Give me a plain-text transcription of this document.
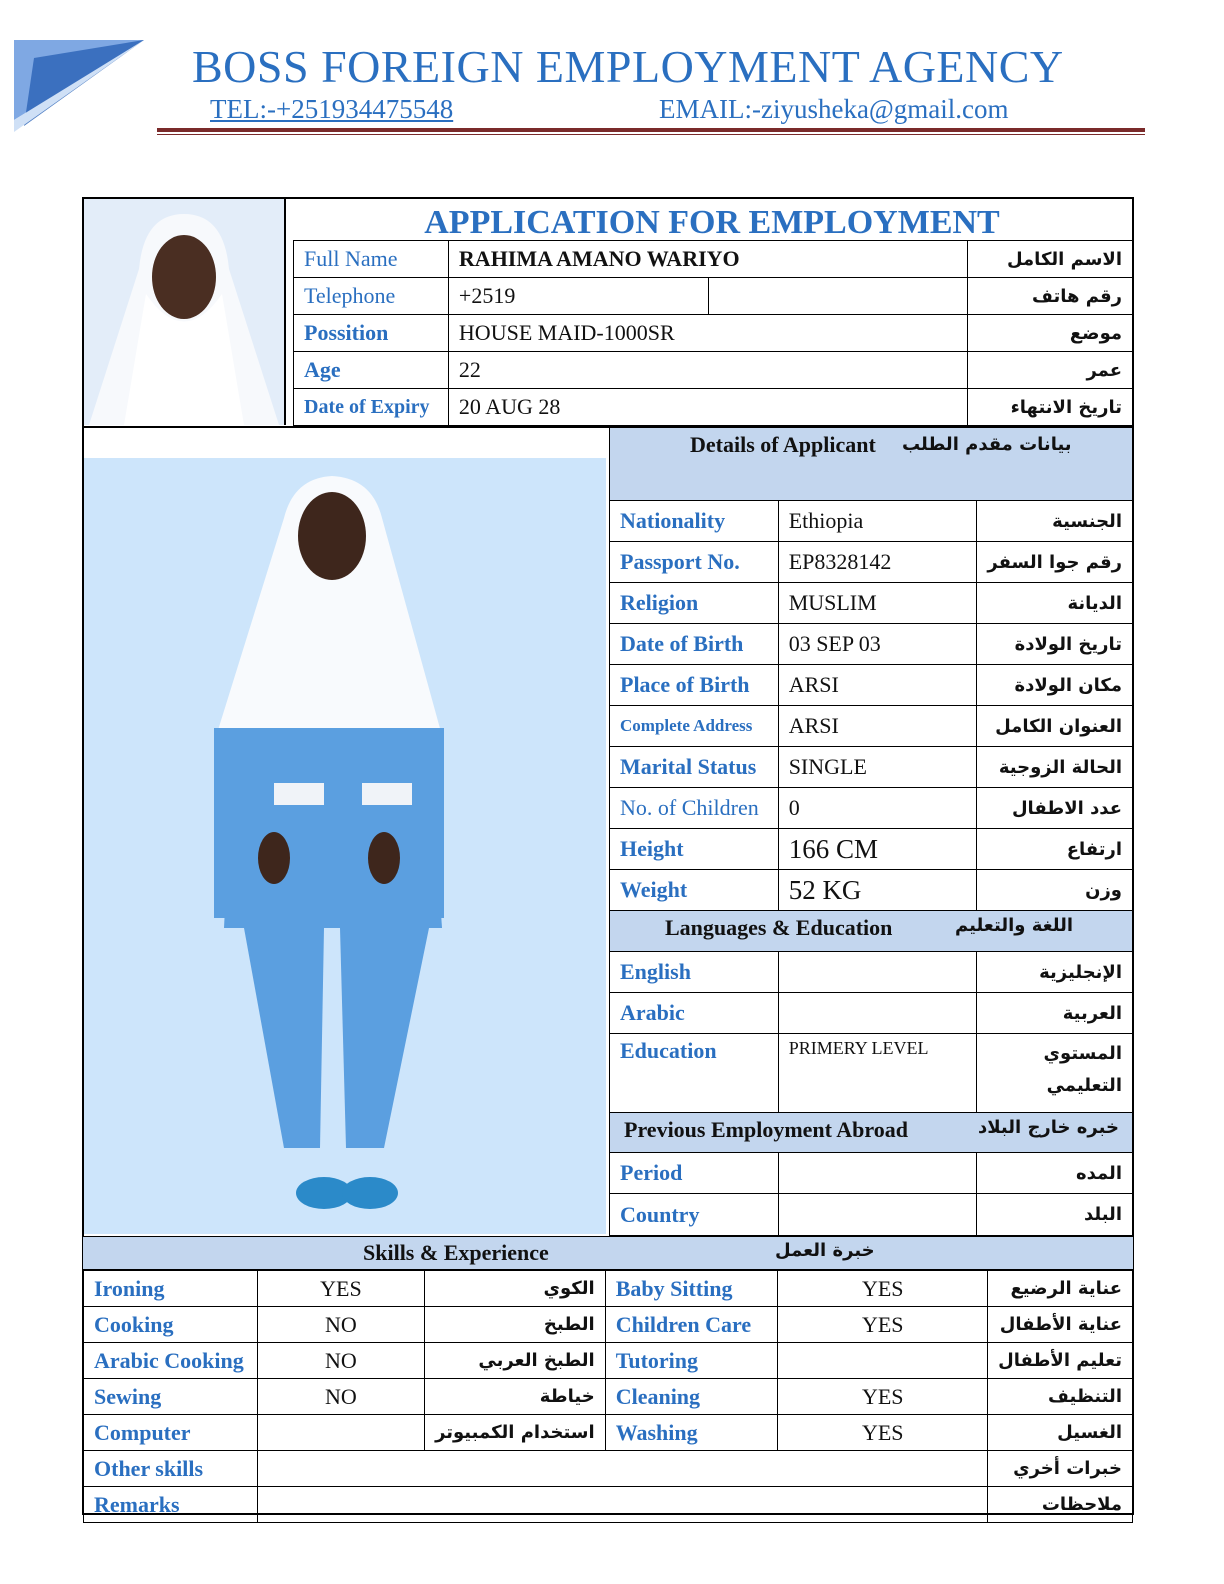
BOSS FOREIGN EMPLOYMENT AGENCY
TEL:-+251934475548	EMAIL:-ziyusheka@gmail.com
APPLICATION FOR EMPLOYMENT
Full Name	RAHIMA AMANO WARIYO		الاسم الكامل
Telephone	+2519		رقم هاتف
Possition	HOUSE MAID-1000SR		موضع
Age	22		عمر
Date of Expiry	20 AUG 28		تاريخ الانتهاء
Details of Applicant بيانات مقدم الطلب
Nationality	Ethiopia	الجنسية
Passport No.	EP8328142	رقم جوا السفر
Religion	MUSLIM	الديانة
Date of Birth	03 SEP 03	تاريخ الولادة
Place of Birth	ARSI	مكان الولادة
Complete Address	ARSI	العنوان الكامل
Marital Status	SINGLE	الحالة الزوجية
No. of Children	0	عدد الاطفال
Height	166 CM	ارتفاع
Weight	52 KG	وزن

Languages & Education اللغة والتعليم		

English		الإنجليزية
Arabic		العربية
Education	PRIMERY LEVEL	المستوي
التعليمي

Previous Employment Abroad خبره خارج البلاد		

Period		المده
Country		البلد
Skills & Experience	خبرة العمل
Ironing	YES	الكوي	Baby Sitting	YES	عناية الرضيع
Cooking	NO	الطبخ	Children Care	YES	عناية الأطفال
Arabic Cooking	NO	الطبخ العربي	Tutoring		تعليم الأطفال
Sewing	NO	خياطة	Cleaning	YES	التنظيف
Computer		استخدام الكمبيوتر	Washing	YES	الغسيل
Other skills					خبرات أخري
Remarks					ملاحظات
